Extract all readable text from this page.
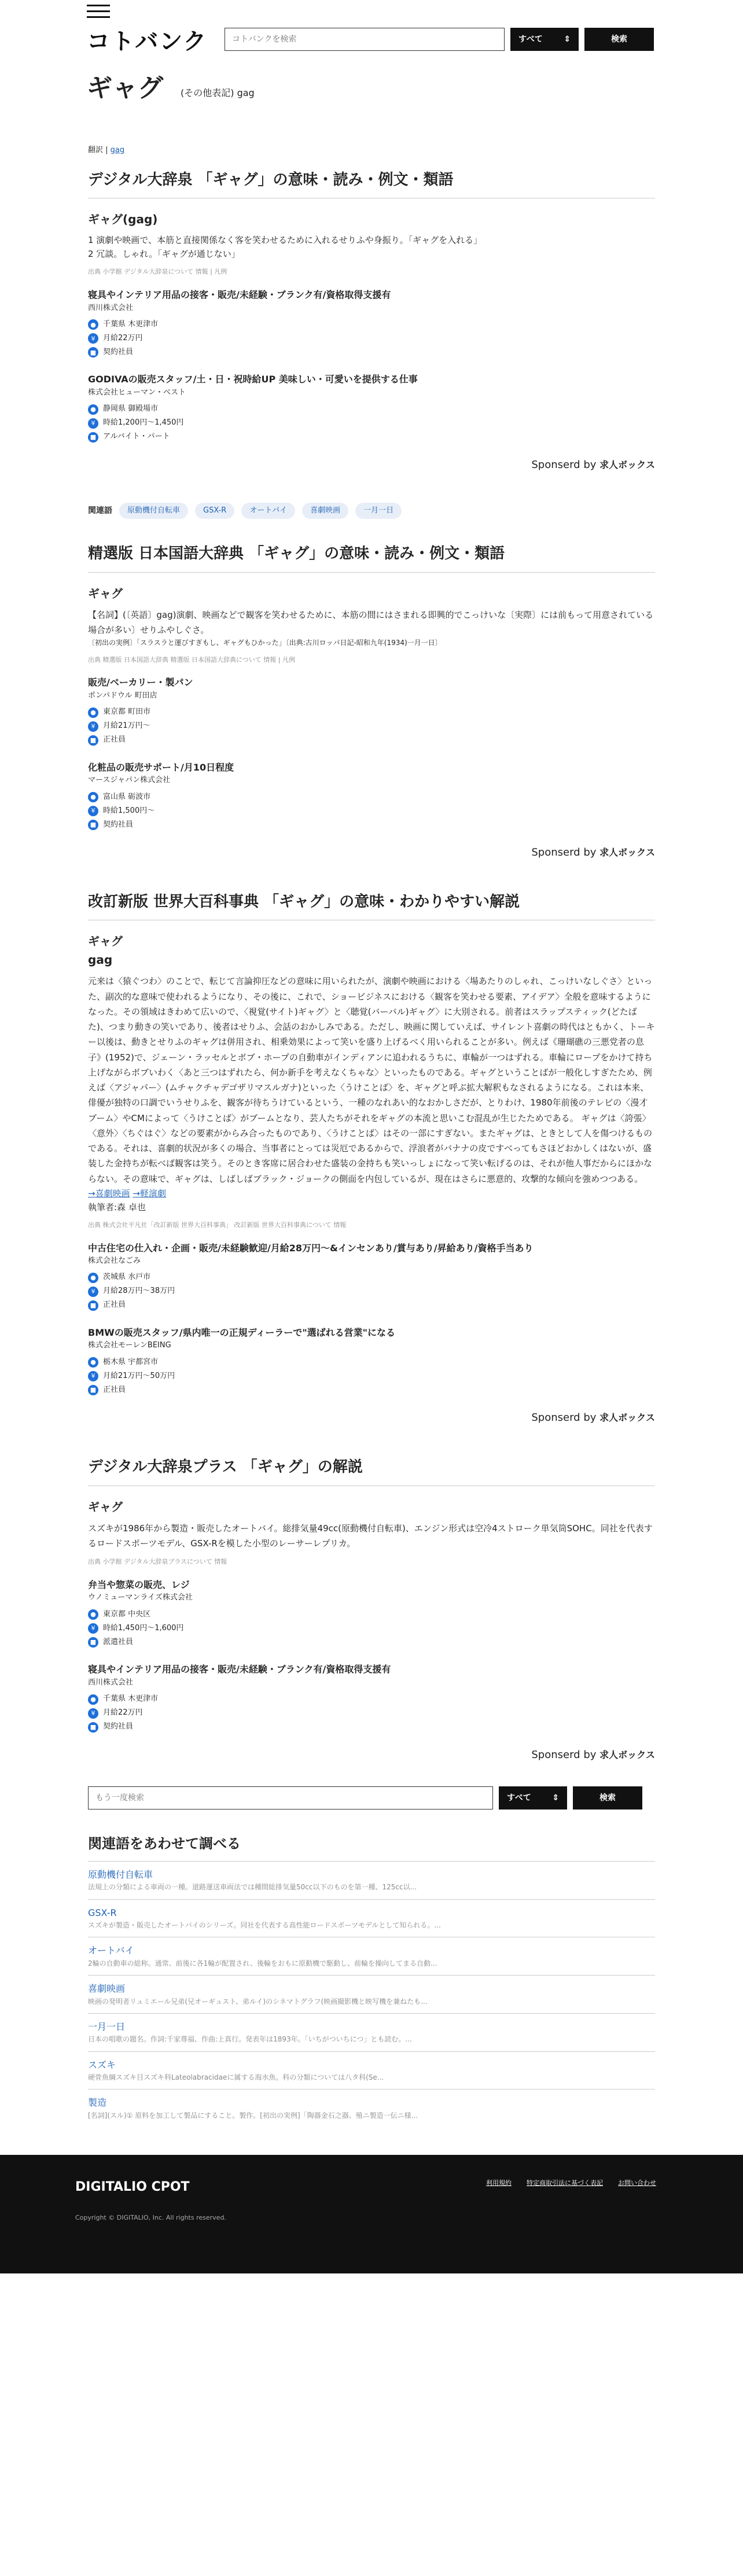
コトバンク
コトバンクを検索	すべて	⇕	検索
ギャグ (その他表記) gag
翻訳 | gag
デジタル大辞泉 「ギャグ」の意味・読み・例文・類語
ギャグ(gag)

1 演劇や映画で、本筋と直接関係なく客を笑わせるために入れるせりふや身振り。「ギャグを入れる」

2 冗談。しゃれ。「ギャグが通じない」

出典 小学館 デジタル大辞泉について 情報 | 凡例
寝具やインテリア用品の接客・販売/未経験・ブランク有/資格取得支援有
西川株式会社
● 千葉県 木更津市
¥	月給22万円
■ 契約社員
GODIVAの販売スタッフ/土・日・祝時給UP 美味しい・可愛いを提供する仕事
株式会社ヒューマン・ベスト
● 静岡県 御殿場市
¥	時給1,200円〜1,450円
■ アルバイト・パート
Sponserd by 求人ボックス
関連語	原動機付自転車	GSX-R	オートバイ	喜劇映画	一月一日
精選版 日本国語大辞典 「ギャグ」の意味・読み・例文・類語
ギャグ

【名詞】(〔英語〕gag)演劇、映画などで観客を笑わせるために、本筋の間にはさまれる即興的でこっけいな〔実際〕には前もって用意されている場合が多い〕せりふやしぐさ。

〔初出の実例〕「スラスラと運びすぎもし、ギャグもひかった」〔出典:古川ロッパ日記-昭和九年(1934)一月一日〕

出典 精選版 日本国語大辞典 精選版 日本国語大辞典について 情報 | 凡例
販売/ベーカリー・製パン
ポンパドウル 町田店
● 東京都 町田市
¥	月給21万円〜
■ 正社員
化粧品の販売サポート/月10日程度
マースジャパン株式会社
● 富山県 砺波市
¥	時給1,500円〜
■ 契約社員
Sponserd by 求人ボックス
改訂新版 世界大百科事典 「ギャグ」の意味・わかりやすい解説
ギャグ
gag

元来は〈猿ぐつわ〉のことで、転じて言論抑圧などの意味に用いられたが、演劇や映画における〈場あたりのしゃれ、こっけいなしぐさ〉といった、副次的な意味で使われるようになり、その後に、これで、ショービジネスにおける〈観客を笑わせる要素、アイデア〉全般を意味するようになった。その領域はきわめて広いので、〈視覚(サイト)ギャグ〉と〈聴覚(バーバル)ギャグ〉に大別される。前者はスラップスティック(どたばた)、つまり動きの笑いであり、後者はせりふ、会話のおかしみである。ただし、映画に関していえば、サイレント喜劇の時代はともかく、トーキー以後は、動きとせりふのギャグは併用され、相乗効果によって笑いを盛り上げるべく用いられることが多い。例えば《珊瑚礁の三悪党者の息子》(1952)で、ジェーン・ラッセルとボブ・ホープの自動車がインディアンに追われるうちに、車輪が一つはずれる。車輪にロープをかけて持ち上げながらボブいわく〈あと三つはずれたら、何か新手を考えなくちゃな〉といったものである。ギャグということばが一般化しすぎたため、例えば〈アジャパー〉(ムチャクチャデゴザリマスルガナ)といった〈うけことば〉を、ギャグと呼ぶ拡大解釈もなされるようになる。これは本来、俳優が独特の口調でいうせりふを、観客が待ちうけているという、一種のなれあい的なおかしさだが、とりわけ、1980年前後のテレビの〈漫才ブーム〉やCMによって〈うけことば〉がブームとなり、芸人たちがそれをギャグの本流と思いこむ混乱が生じたためである。 ギャグは〈誇張〉〈意外〉〈ちぐはぐ〉などの要素がからみ合ったものであり、〈うけことば〉はその一部にすぎない。またギャグは、ときとして人を傷つけるものである。それは、喜劇的状況が多くの場合、当事者にとっては災厄であるからで、浮浪者がバナナの皮ですべってもさほどおかしくはないが、盛装した金持ちが転べば観客は笑う。そのとき客席に居合わせた盛装の金持ちも笑いっしょになって笑い転げるのは、それが他人事だからにほかならない。その意味で、ギャグは、しばしばブラック・ジョークの側面を内包しているが、現在はさらに悪意的、攻撃的な傾向を強めつつある。

→喜劇映画 →軽演劇

執筆者:森 卓也

出典 株式会社平凡社「改訂新版 世界大百科事典」 改訂新版 世界大百科事典について 情報
中古住宅の仕入れ・企画・販売/未経験歓迎/月給28万円〜&インセンあり/賞与あり/昇給あり/資格手当あり
株式会社なごみ
● 茨城県 水戸市
¥	月給28万円〜38万円
■ 正社員
BMWの販売スタッフ/県内唯一の正規ディーラーで"選ばれる営業"になる
株式会社モーレンBEING
● 栃木県 宇都宮市
¥	月給21万円〜50万円
■ 正社員
Sponserd by 求人ボックス
デジタル大辞泉プラス 「ギャグ」の解説
ギャグ

スズキが1986年から製造・販売したオートバイ。総排気量49cc(原動機付自転車)、エンジン形式は空冷4ストローク単気筒SOHC。同社を代表するロードスポーツモデル、GSX-Rを模した小型のレーサーレプリカ。

出典 小学館 デジタル大辞泉プラスについて 情報
弁当や惣菜の販売、レジ
ウノミューマンライズ株式会社
● 東京都 中央区
¥	時給1,450円〜1,600円
■ 派遣社員
寝具やインテリア用品の接客・販売/未経験・ブランク有/資格取得支援有
西川株式会社
● 千葉県 木更津市
¥	月給22万円
■ 契約社員
Sponserd by 求人ボックス
もう一度検索
すべて	⇕	検索
関連語をあわせて調べる
原動機付自転車
法規上の分類による車両の一種。道路運送車両法では種間総排気量50cc以下のものを第一種、125cc以...
GSX-R
スズキが製造・販売したオートバイのシリーズ。同社を代表する高性能ロードスポーツモデルとして知られる。...
オートバイ
2輪の自動車の総称。通常、前後に各1輪が配置され、後輪をおもに原動機で駆動し、前輪を操向してまる自動...
喜劇映画
映画の発明者リュミエール兄弟(兄オーギュスト、弟ルイ)のシネマトグラフ(映画撮影機と映写機を兼ねたも...
一月一日
日本の唱歌の題名。作詞:千家尊福、作曲:上真行。発表年は1893年。「いちがついちにつ」とも読む。...
スズキ
硬骨魚綱スズキ目スズキ科Lateolabracidaeに属する海水魚。科の分類については八タ科(Se...
製造
[名詞](スル)① 原料を加工して製品にすること。製作。[初出の実例]「陶器金石之器、殖ニ製造一伝ニ様...
DIGITALIO CPOT	利用規約 特定商取引法に基づく表記 お問い合わせ
Copyright © DIGITALIO, Inc. All rights reserved.
